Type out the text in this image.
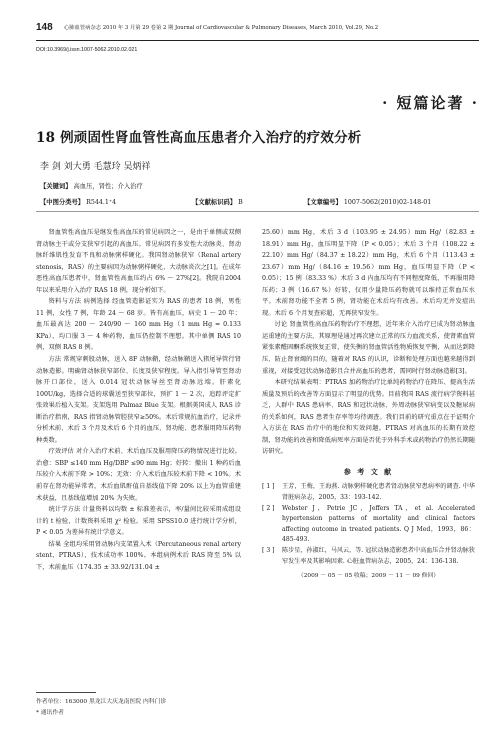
148 心肺血管病杂志 2010 年 3 月第 29 卷第 2 期 Journal of Cardiovascular & Pulmonary Diseases, March 2010, Vol.29, No.2
DOI:10.3969/j.issn.1007-5062.2010.02.021
· 短篇论著 ·
18 例顽固性肾血管性高血压患者介入治疗的疗效分析
李 剑 刘大勇 毛慧玲 吴炳祥
【关键词】 高血压，肾性；介入治疗
【中图分类号】 R544.1⁺4	【文献标识码】 B	【文章编号】 1007-5062(2010)02-148-01

肾血管性高血压是继发性高血压的常见病因之一，是由于单侧或双侧肾动脉主干或分支狭窄引起的高血压。常见病因有多发性大动脉炎、肾动脉纤维肌性发育不良和动脉粥样硬化。我国肾动脉狭窄（Renal artery stenosis，RAS）的主要病因为动脉粥样硬化、大动脉炎次之[1]。在成年恶性高血压患者中，肾血管性高血压约占 6% ～ 27%[2]。我院自2004 年以来采用介入治疗 RAS 18 例，现分析如下。

资料与方法 病例选择 经血管造影证实为 RAS 的患者 18 例，男性 11 例，女性 7 例，年龄 24 ～ 68 岁。皆有高血压，病史 1 ～ 20 年；血压最高达 200 ～ 240/90 ～ 160 mm Hg（1 mm Hg = 0.133 KPa），均口服 3 ～ 4 种药物，血压仍控制不理想。其中单侧 RAS 10 例，双侧 RAS 8 例。

方法 常规穿刺股动脉，送入 8F 动脉鞘，经动脉鞘送入猪尾导管行肾动脉造影。明确肾动脉狭窄部位、长度及狭窄程度。导入指引导管至肾动脉开口部位，送入 0.014 冠状动脉导丝至肾动脉远端。肝素化 100U/kg，选择合适的球囊送至狭窄部位，预扩 1 ～ 2 次，追踪评定扩张效果后植入支架。支架选用 Palmaz Blue 支架。根据美国成人 RAS 诊断治疗指南，RAS 指肾动脉管腔狭窄≥50%。术后常规抗血治疗，记录并分析术前、术后 3 个月及术后 6 个月的血压、肾功能、患者服用降压药物种类数。

疗效评估 对介入治疗术前、术后血压及服用降压药物情况进行比较。治愈：SBP ≤140 mm Hg/DBP ≤90 mm Hg；好转：撤出 1 种药后血压较介入术前下降 > 10%；无效：介入术后血压较术前下降 < 10%。术前存在肾功能异常者，术后血肌酐值自基线值下降 20% 以上为血管重建术获益，且基线值增加 20% 为失败。

统计学方法 计量资料以均数 ± 标准差表示，率/量间比较采用成组设计的 t 检验，计数资料采用 χ² 检验。采用 SPSS10.0 进行统计学分析，P < 0.05 为差异有统计学意义。

结果 全组均采用肾动脉内支架置入术（Percutaneous renal artery stent，PTRAS），技术成功率 100%。本组病例术后 RAS 降至 5% 以下，术前血压（174.35 ± 33.92/131.04 ±

25.60）mm Hg，术后 3 d（103.95 ± 24.95）mm Hg/（82.83 ± 18.91）mm Hg，血压明显下降（P < 0.05）；术后 3 个月（108.22 ± 22.10）mm Hg/（84.37 ± 18.22）mm Hg，术后 6 个月（113.43 ± 23.67）mm Hg/（84.16 ± 19.56）mm Hg，血压明显下降（P < 0.05）；15 例（83.33 %）术后 3 d 内血压均有不同程度降低，不再服用降压药；3 例（16.67 %）好转，仅用少量降压药物就可以维持正常血压水平。术前肾功能不全者 5 例，肾功能在术后均有改善。术后均无并发症出现。术后 6 个月复查彩超，无再狭窄发生。

讨论 肾血管性高血压药物治疗不理想，近年来介入治疗已成为肾动脉血运重建的主要方法，其原理是通过再次建立正常的压力血流关系，使肾素血管紧张素醛固酮系统恢复正常，使失衡的肾血管活性物质恢复平衡，从而达到降压、防止肾衰竭的目的。随着对 RAS 的认识，诊断和处理方面也越来越得到重视，对接受冠状动脉造影且合并高血压的患者，需同时行肾动脉造影[3]。

本研究结果表明：PTRAS 加药物治疗比单纯药物治疗在降压、提高生活质量及预后的改善等方面显示了明显的优势。目前我国 RAS 流行病学资料甚乏，人群中 RAS 患病率、RAS 和冠状动脉、外周动脉狭窄病变以及糖尿病的关系如何，RAS 患者生存率等均待调查。我们目前的研究重点在于证明介入方法在 RAS 治疗中的地位和实效问题。PTRAS 对高血压的长期有效控制，肾功能的改善和降低病死率方面是否优于外科手术或药物治疗仍然长期随访研究。

参 考 文 献
[ 1 ] 王芳，王梅，王海燕. 动脉粥样硬化患者肾动脉狭窄患病率的调查. 中华肾脏病杂志，2005，33：193-142.
[ 2 ] Webster J，Petrie JC，Jeffers TA，et al. Accelerated hypertension patterns of mortality and clinical factors affecting outcome in treated patients. Q J Med，1993，86：485-493.
[ 3 ] 陈步星，孙淑红，马风云，等. 冠状动脉造影患者中高血压合并肾动脉狭窄发生率及其影响因素. 心脏血管病杂志，2005，24：136-138.
（2009 － 05 － 05 收稿；2009 － 11 － 09 修回）
作者单位：163000 黑龙江大庆龙南医院 内科门诊
* 通讯作者
